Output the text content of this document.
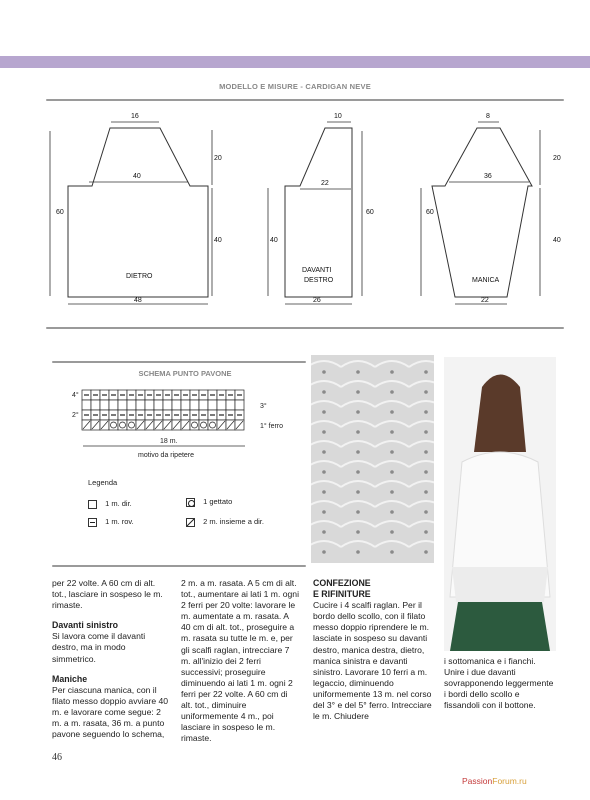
MODELLO E MISURE - CARDIGAN NEVE
16
20
40
60
40
DIETRO
48
10
22
60
40
DAVANTI
DESTRO
26
8
20
36
60
40
MANICA
22
SCHEMA PUNTO PAVONE
4°
2°
3°
1° ferro
18 m.
motivo da ripetere
Legenda
1 m. dir.
1 m. rov.
1 gettato
2 m. insieme a dir.
per 22 volte. A 60 cm di alt. tot., lasciare in sospeso le m. rimaste.
Davanti sinistro
Si lavora come il davanti destro, ma in modo simmetrico.
Maniche
Per ciascuna manica, con il filato messo doppio avviare 40 m. e lavorare come segue: 2 m. a m. rasata, 36 m. a punto pavone seguendo lo schema,
2 m. a m. rasata. A 5 cm di alt. tot., aumentare ai lati 1 m. ogni 2 ferri per 20 volte: lavorare le m. aumentate a m. rasata. A 40 cm di alt. tot., proseguire a m. rasata su tutte le m. e, per gli scalfi raglan, intrecciare 7 m. all'inizio dei 2 ferri successivi; proseguire diminuendo ai lati 1 m. ogni 2 ferri per 22 volte. A 60 cm di alt. tot., diminuire uniformemente 4 m., poi lasciare in sospeso le m. rimaste.
CONFEZIONE
E RIFINITURE
Cucire i 4 scalfi raglan. Per il bordo dello scollo, con il filato messo doppio riprendere le m. lasciate in sospeso su davanti destro, manica destra, dietro, manica sinistra e davanti sinistro. Lavorare 10 ferri a m. legaccio, diminuendo uniformemente 13 m. nel corso del 3° e del 5° ferro. Intrecciare le m. Chiudere
i sottomanica e i fianchi. Unire i due davanti sovrapponendo leggermente i bordi dello scollo e fissandoli con il bottone.
46
PassionForum.ru
